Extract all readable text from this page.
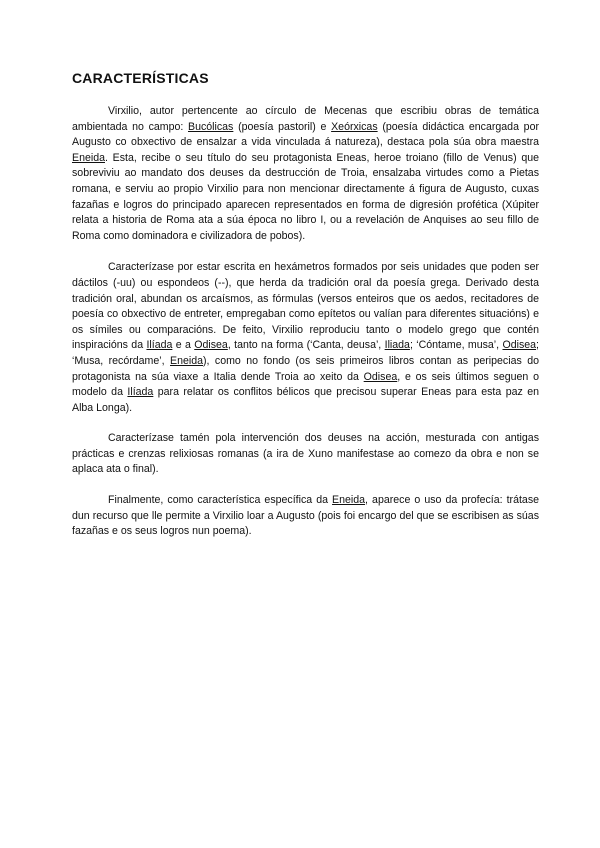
CARACTERÍSTICAS

Virxilio, autor pertencente ao círculo de Mecenas que escribiu obras de temática ambientada no campo: Bucólicas (poesía pastoril) e Xeórxicas (poesía didáctica encargada por Augusto co obxectivo de ensalzar a vida vinculada á natureza), destaca pola súa obra maestra Eneida. Esta, recibe o seu título do seu protagonista Eneas, heroe troiano (fillo de Venus) que sobreviviu ao mandato dos deuses da destrucción de Troia, ensalzaba virtudes como a Pietas romana, e serviu ao propio Virxilio para non mencionar directamente á figura de Augusto, cuxas fazañas e logros do principado aparecen representados en forma de digresión profética (Xúpiter relata a historia de Roma ata a súa época no libro I, ou a revelación de Anquises ao seu fillo de Roma como dominadora e civilizadora de pobos).

Caracterízase por estar escrita en hexámetros formados por seis unidades que poden ser dáctilos (-uu) ou espondeos (--), que herda da tradición oral da poesía grega. Derivado desta tradición oral, abundan os arcaísmos, as fórmulas (versos enteiros que os aedos, recitadores de poesía co obxectivo de entreter, empregaban como epítetos ou valían para diferentes situacións) e os símiles ou comparacións. De feito, Virxilio reproduciu tanto o modelo grego que contén inspiracións da Ilíada e a Odisea, tanto na forma (‘Canta, deusa’, Iliada; ‘Cóntame, musa’, Odisea; ‘Musa, recórdame’, Eneida), como no fondo (os seis primeiros libros contan as peripecias do protagonista na súa viaxe a Italia dende Troia ao xeito da Odisea, e os seis últimos seguen o modelo da Ilíada para relatar os conflitos bélicos que precisou superar Eneas para esta paz en Alba Longa).

Caracterízase tamén pola intervención dos deuses na acción, mesturada con antigas prácticas e crenzas relixiosas romanas (a ira de Xuno manifestase ao comezo da obra e non se aplaca ata o final).

Finalmente, como característica específica da Eneida, aparece o uso da profecía: trátase dun recurso que lle permite a Virxilio loar a Augusto (pois foi encargo del que se escribisen as súas fazañas e os seus logros nun poema).
